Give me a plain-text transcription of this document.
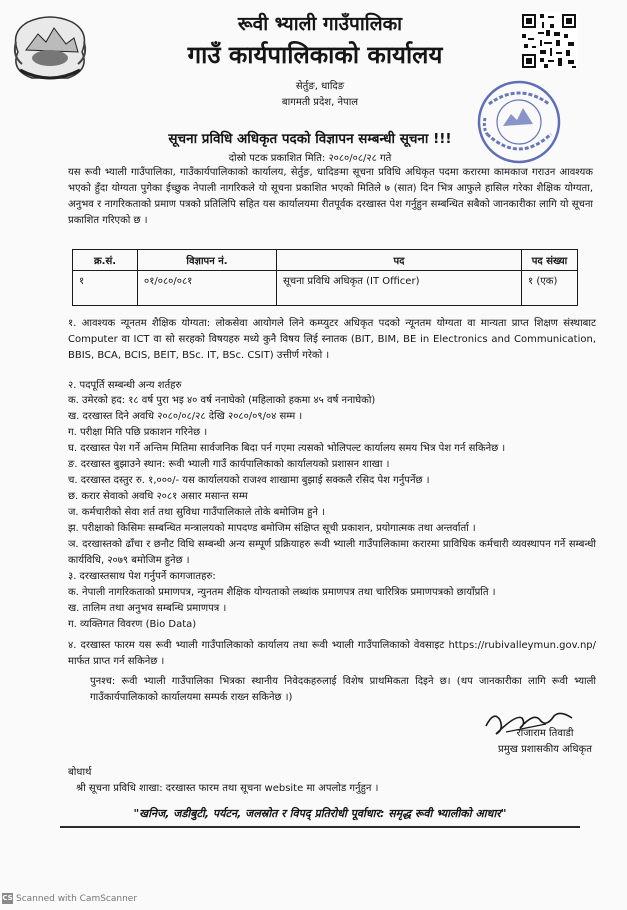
रूवी भ्याली गाउँपालिका
गाउँ कार्यपालिकाको कार्यालय
सेर्तुङ, धादिङ
बागमती प्रदेश, नेपाल
सूचना प्रविधि अधिकृत पदको विज्ञापन सम्बन्धी सूचना !!!
दोस्रो पटक प्रकाशित मिति: २०८०/०८/२८ गते
यस रूवी भ्याली गाउँपालिका, गाउँकार्यपालिकाको कार्यालय, सेर्तुङ, धादिङमा सूचना प्रविधि अधिकृत पदमा करारमा कामकाज गराउन आवश्यक भएकाे हुँदा योग्यता पुगेका ईच्छुक नेपाली नागरिकले यो सूचना प्रकाशित भएको मितिले ७ (सात) दिन भित्र आफुले हासिल गरेका शैक्षिक योग्यता, अनुभव र नागरिकताको प्रमाण पत्रको प्रतिलिपि सहित यस कार्यालयमा रीतपूर्वक दरखास्त पेश गर्नुहुन सम्बन्धित सबैको जानकारीका लागि यो सूचना प्रकाशित गरिएको छ ।
क्र.सं.	विज्ञापन नं.	पद	पद संख्या
१	०१/०८०/०८१	सूचना प्रविधि अधिकृत (IT Officer)	१ (एक)
१. आवश्यक न्यूनतम शैक्षिक योग्यता: लोकसेवा आयोगले लिने कम्प्युटर अधिकृत पदको न्यूनतम योग्यता वा मान्यता प्राप्त शिक्षण संस्थाबाट Computer वा ICT वा सो सरहको विषयहरु मध्ये कुनै विषय लिई स्नातक (BIT, BIM, BE in Electronics and Communication, BBIS, BCA, BCIS, BEIT, BSc. IT, BSc. CSIT) उत्तीर्ण गरेको ।
२. पदपूर्ति सम्बन्धी अन्य शर्तहरु
क. उमेरको हद: १८ वर्ष पुरा भइ ४० वर्ष ननाघेको (महिलाको हकमा ४५ वर्ष ननाघेको)
ख. दरखास्त दिने अवधि २०८०/०८/२८ देखि २०८०/०९/०४ सम्म ।
ग. परीक्षा मिति पछि प्रकाशन गरिनेछ ।
घ. दरखास्त पेश गर्ने अन्तिम मितिमा सार्वजनिक बिदा पर्न गएमा त्यसको भोलिपल्ट कार्यालय समय भित्र पेश गर्न सकिनेछ ।
ङ. दरखास्त बुझाउने स्थान: रूवी भ्याली गाउँ कार्यपालिकाको कार्यालयको प्रशासन शाखा ।
च. दरखास्त दस्तुर रु. १,०००/- यस कार्यालयको राजश्व शाखामा बुझाई सक्कलै रसिद पेश गर्नुपर्नेछ ।
छ. करार सेवाको अवधि २०८१ असार मसान्त सम्म
ज. कर्मचारीको सेवा शर्त तथा सुविधा गाउँपालिकाले तोके बमोजिम हुने ।
झ. परीक्षाको किसिमः सम्बन्धित मन्त्रालयको मापदण्ड बमोजिम संक्षिप्त सूची प्रकाशन, प्रयोगात्मक तथा अन्तर्वार्ता ।
ञ. दरखास्तको ढाँचा र छनौट विधि सम्बन्धी अन्य सम्पूर्ण प्रक्रियाहरु रूवी भ्याली गाउँपालिकामा करारमा प्राविधिक कर्मचारी व्यवस्थापन गर्ने सम्बन्धी कार्यविधि, २०७९ बमोजिम हुनेछ ।
३. दरखास्तसाथ पेश गर्नुपर्ने कागजातहरु:
क. नेपाली नागरिकताको प्रमाणपत्र, न्युनतम शैक्षिक योग्यताको लब्धांक प्रमाणपत्र तथा चारित्रिक प्रमाणपत्रको छायाँप्रति ।
ख. तालिम तथा अनुभव सम्बन्धि प्रमाणपत्र ।
ग. व्यक्तिगत विवरण (Bio Data)
४. दरखास्त फारम यस रूवी भ्याली गाउँपालिकाको कार्यालय तथा रूवी भ्याली गाउँपालिकाको वेवसाइट https://rubivalleymun.gov.np/ मार्फत प्राप्त गर्न सकिनेछ ।
पुनश्च: रूवी भ्याली गाउँपालिका भित्रका स्थानीय निवेदकहरुलाई विशेष प्राथमिकता दिइने छ। (थप जानकारीका लागि रूवी भ्याली गाउँकार्यपालिकाको कार्यालयमा सम्पर्क राख्न सकिनेछ ।)
राजाराम तिवाडी
प्रमुख प्रशासकीय अधिकृत
बोधार्थ
श्री सूचना प्रविधि शाखा: दरखास्त फारम तथा सूचना website मा अपलोड गर्नुहुन ।
"खनिज, जडीबुटी, पर्यटन, जलस्रोत र विपद् प्रतिरोधी पूर्वाधार: समृद्ध रूवी भ्यालीको आधार"
CS Scanned with CamScanner
